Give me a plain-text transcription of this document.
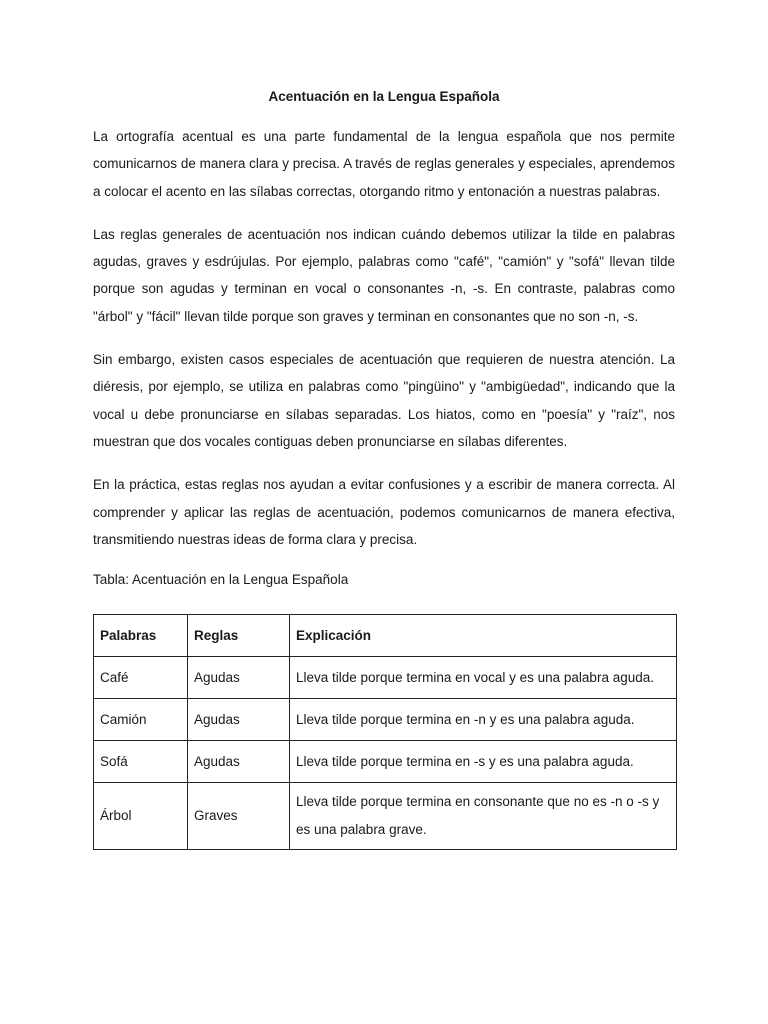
Acentuación en la Lengua Española

La ortografía acentual es una parte fundamental de la lengua española que nos permite comunicarnos de manera clara y precisa. A través de reglas generales y especiales, aprendemos a colocar el acento en las sílabas correctas, otorgando ritmo y entonación a nuestras palabras.

Las reglas generales de acentuación nos indican cuándo debemos utilizar la tilde en palabras agudas, graves y esdrújulas. Por ejemplo, palabras como "café", "camión" y "sofá" llevan tilde porque son agudas y terminan en vocal o consonantes -n, -s. En contraste, palabras como "árbol" y "fácil" llevan tilde porque son graves y terminan en consonantes que no son -n, -s.

Sin embargo, existen casos especiales de acentuación que requieren de nuestra atención. La diéresis, por ejemplo, se utiliza en palabras como "pingüino" y "ambigüedad", indicando que la vocal u debe pronunciarse en sílabas separadas. Los hiatos, como en "poesía" y "raíz", nos muestran que dos vocales contiguas deben pronunciarse en sílabas diferentes.

En la práctica, estas reglas nos ayudan a evitar confusiones y a escribir de manera correcta. Al comprender y aplicar las reglas de acentuación, podemos comunicarnos de manera efectiva, transmitiendo nuestras ideas de forma clara y precisa.

Tabla: Acentuación en la Lengua Española
Palabras	Reglas	Explicación
Café	Agudas	Lleva tilde porque termina en vocal y es una palabra aguda.
Camión	Agudas	Lleva tilde porque termina en -n y es una palabra aguda.
Sofá	Agudas	Lleva tilde porque termina en -s y es una palabra aguda.
Árbol	Graves	Lleva tilde porque termina en consonante que no es -n o -s y es una palabra grave.
